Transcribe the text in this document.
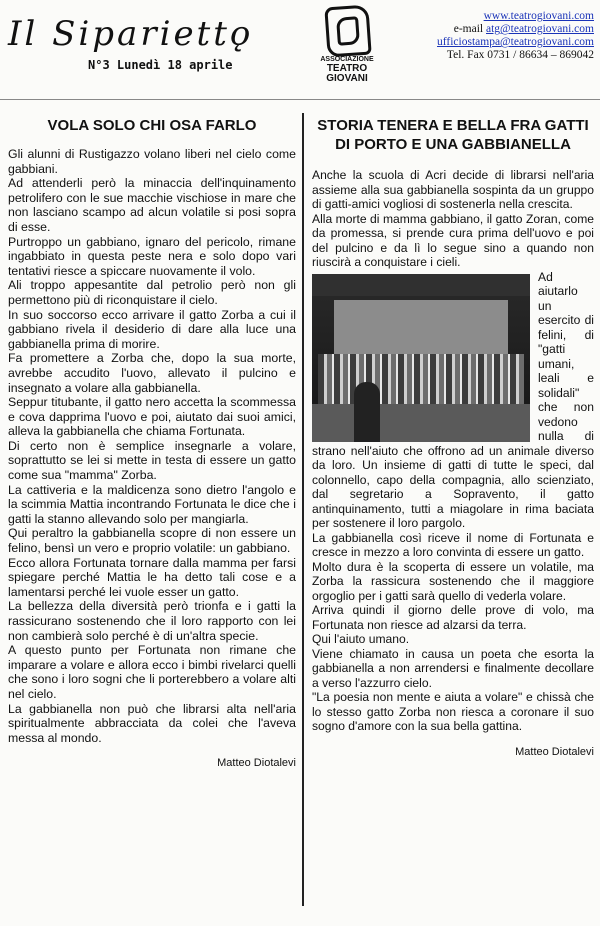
Il Sipariettǫ
N°3 Lunedì 18 aprile	ASSOCIAZIONE
TEATRO
GIOVANI
www.teatrogiovani.com
e-mail atg@teatrogiovani.com
ufficiostampa@teatrogiovani.com
Tel. Fax 0731 / 86634 – 869042
VOLA SOLO CHI OSA FARLO

Gli alunni di Rustigazzo volano liberi nel cielo come gabbiani.

Ad attenderli però la minaccia dell'inquinamento petrolifero con le sue macchie vischiose in mare che non lasciano scampo ad alcun volatile si posi sopra di esse.

Purtroppo un gabbiano, ignaro del pericolo, rimane ingabbiato in questa peste nera e solo dopo vari tentativi riesce a spiccare nuovamente il volo.

Ali troppo appesantite dal petrolio però non gli permettono più di riconquistare il cielo.

In suo soccorso ecco arrivare il gatto Zorba a cui il gabbiano rivela il desiderio di dare alla luce una gabbianella prima di morire.

Fa promettere a Zorba che, dopo la sua morte, avrebbe accudito l'uovo, allevato il pulcino e insegnato a volare alla gabbianella.

Seppur titubante, il gatto nero accetta la scommessa e cova dapprima l'uovo e poi, aiutato dai suoi amici, alleva la gabbianella che chiama Fortunata.

Di certo non è semplice insegnarle a volare, soprattutto se lei si mette in testa di essere un gatto come sua "mamma" Zorba.

La cattiveria e la maldicenza sono dietro l'angolo e la scimmia Mattia incontrando Fortunata le dice che i gatti la stanno allevando solo per mangiarla.

Qui peraltro la gabbianella scopre di non essere un felino, bensì un vero e proprio volatile: un gabbiano.

Ecco allora Fortunata tornare dalla mamma per farsi spiegare perché Mattia le ha detto tali cose e a lamentarsi perché lei vuole esser un gatto.

La bellezza della diversità però trionfa e i gatti la rassicurano sostenendo che il loro rapporto con lei non cambierà solo perché è di un'altra specie.

A questo punto per Fortunata non rimane che imparare a volare e allora ecco i bimbi rivelarci quelli che sono i loro sogni che li porterebbero a volare alti nel cielo.

La gabbianella non può che librarsi alta nell'aria spiritualmente abbracciata da colei che l'aveva messa al mondo.

Matteo Diotalevi
STORIA TENERA E BELLA FRA GATTI DI PORTO E UNA GABBIANELLA

Anche la scuola di Acri decide di librarsi nell'aria assieme alla sua gabbianella sospinta da un gruppo di gatti-amici vogliosi di sostenerla nella crescita.

Alla morte di mamma gabbiano, il gatto Zoran, come da promessa, si prende cura prima dell'uovo e poi del pulcino e da lì lo segue sino a quando non riuscirà a conquistare i cieli.

Ad aiutarlo un esercito di felini, di "gatti umani, leali e solidali" che non vedono nulla di strano nell'aiuto che offrono ad un animale diverso da loro. Un insieme di gatti di tutte le speci, dal colonnello, capo della compagnia, allo scienziato, dal segretario a Sopravento, il gatto antinquinamento, tutti a miagolare in rima baciata per sostenere il loro pargolo.

La gabbianella così riceve il nome di Fortunata e cresce in mezzo a loro convinta di essere un gatto.

Molto dura è la scoperta di essere un volatile, ma Zorba la rassicura sostenendo che il maggiore orgoglio per i gatti sarà quello di vederla volare.

Arriva quindi il giorno delle prove di volo, ma Fortunata non riesce ad alzarsi da terra.

Qui l'aiuto umano.

Viene chiamato in causa un poeta che esorta la gabbianella a non arrendersi e finalmente decollare a verso l'azzurro cielo.

"La poesia non mente e aiuta a volare" e chissà che lo stesso gatto Zorba non riesca a coronare il suo sogno d'amore con la sua bella gattina.

Matteo Diotalevi
